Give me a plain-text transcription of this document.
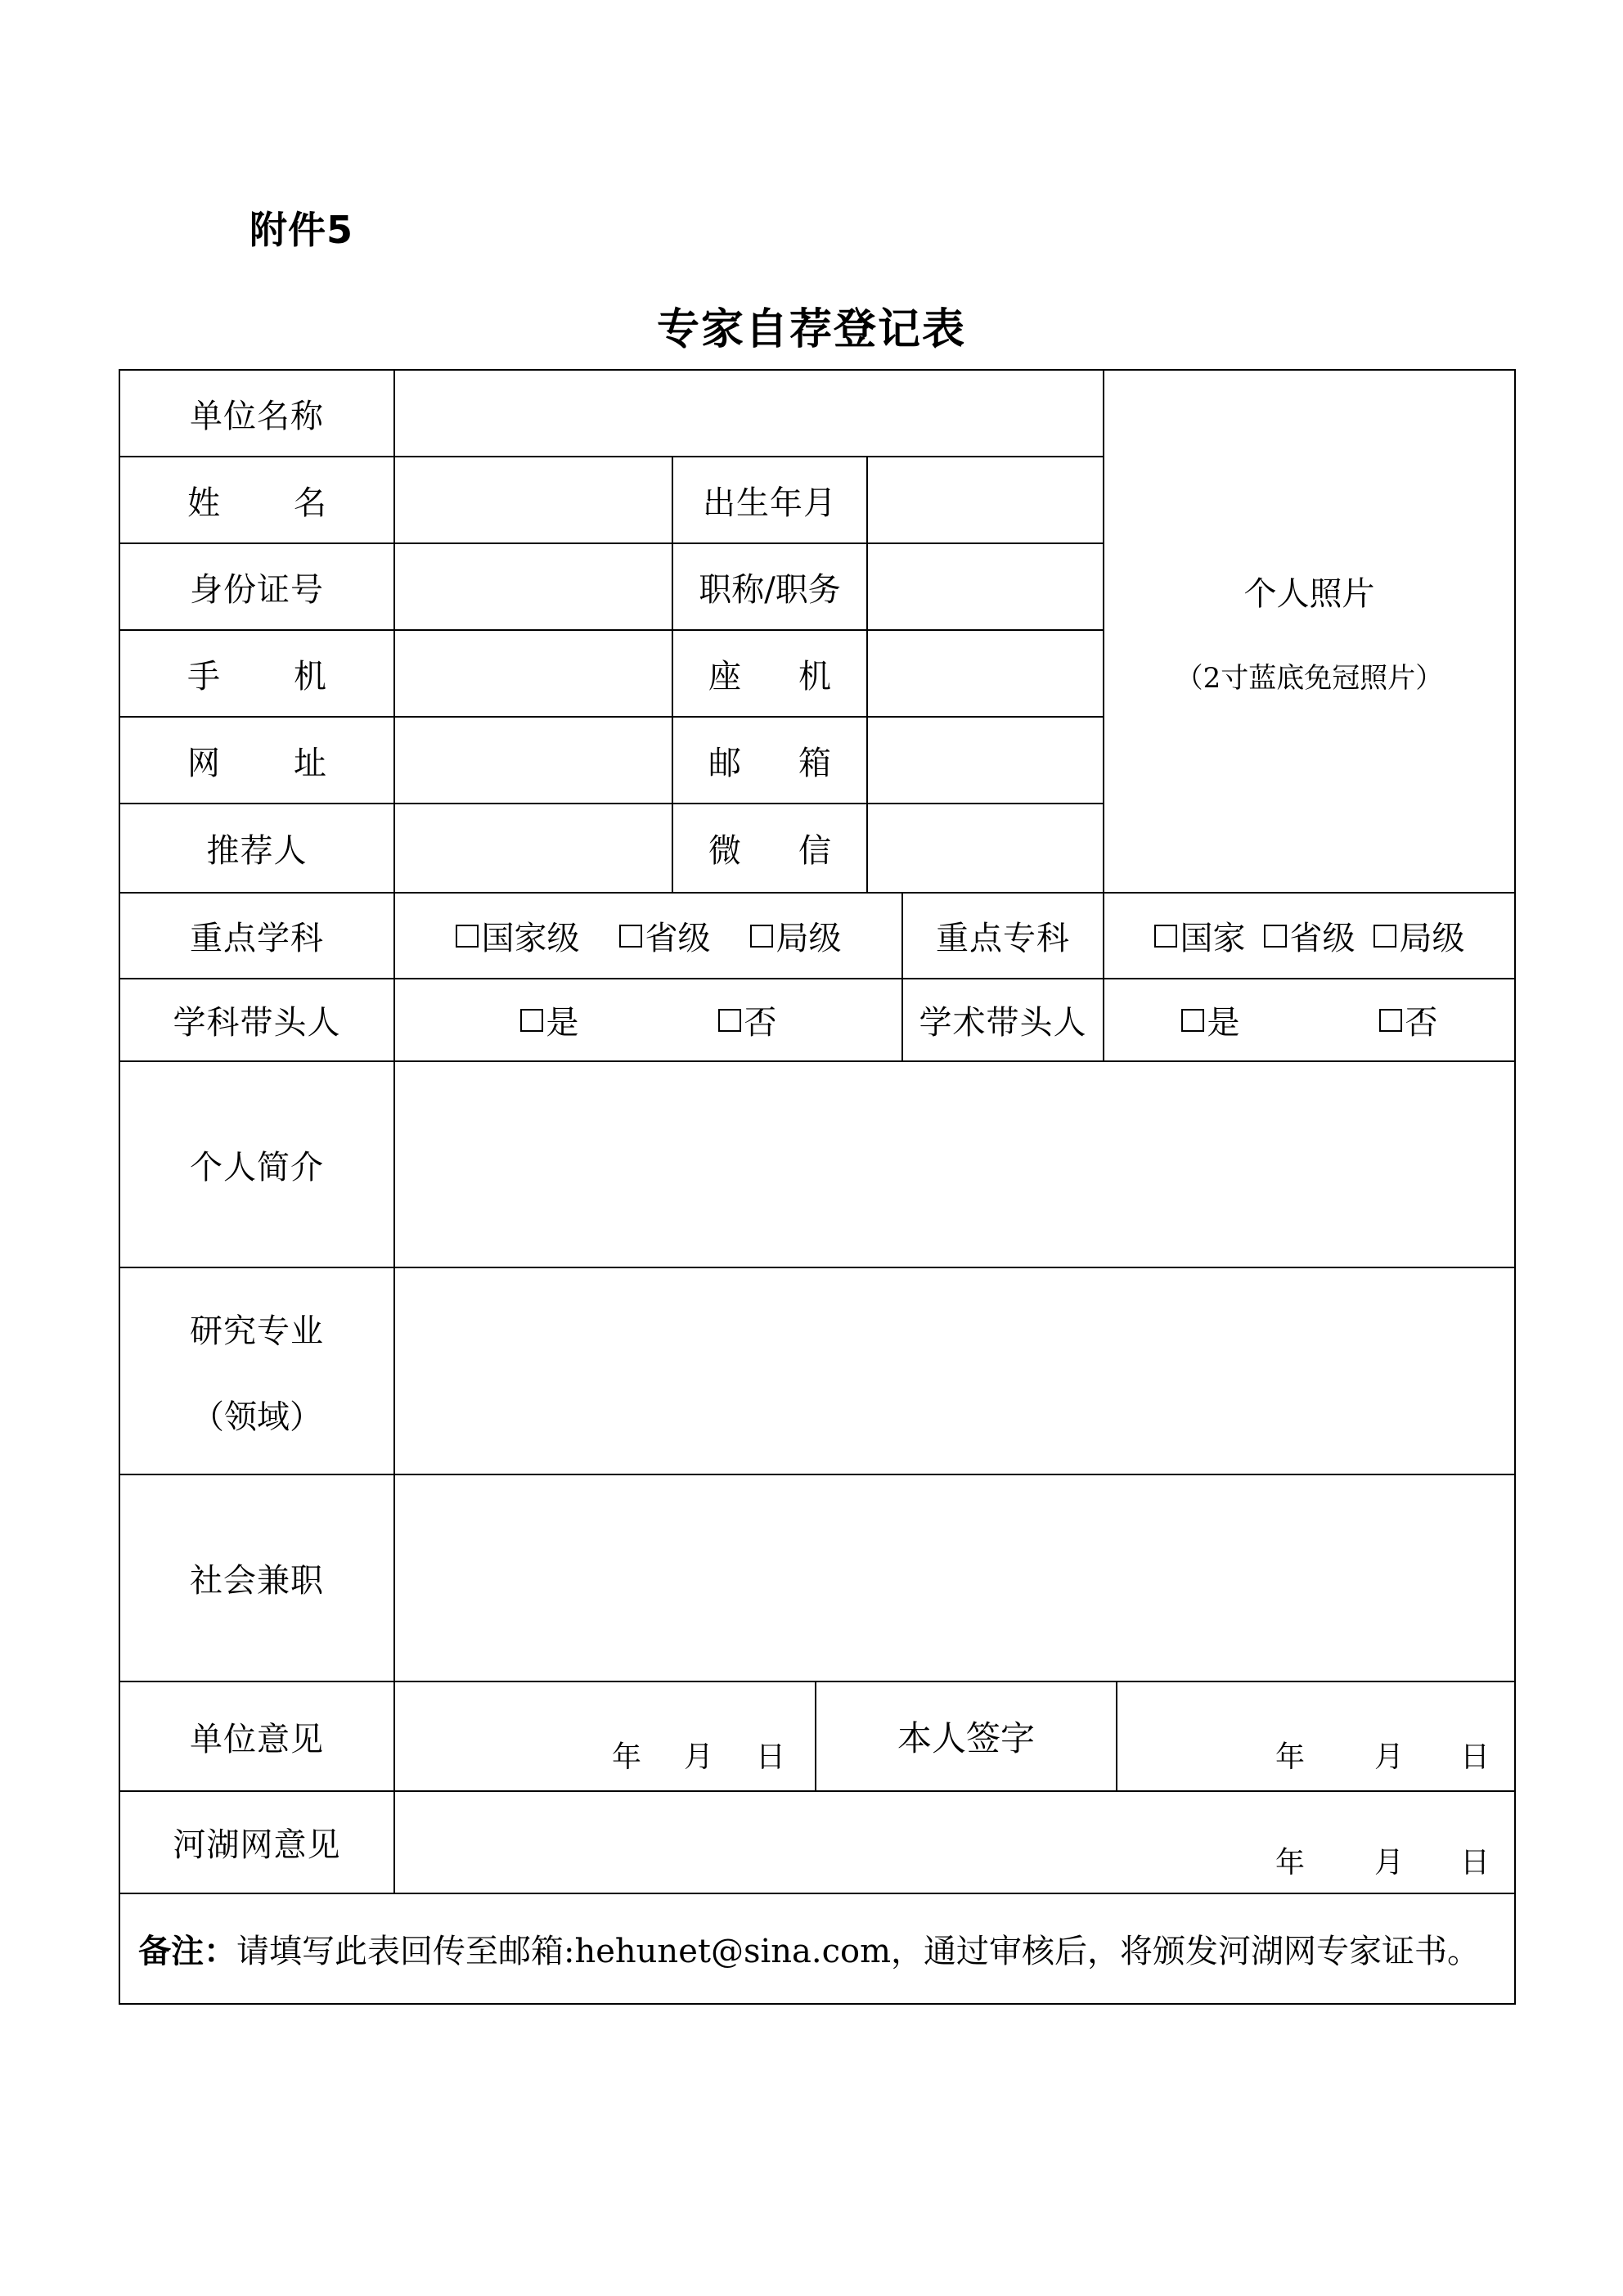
附件5
专家自荐登记表
单位名称
个人照片
（2寸蓝底免冠照片）
姓 名	出生年月
身份证号	职称/职务
手 机	座 机
网 址	邮 箱
推荐人	微 信
重点学科	国家级 省级 局级	重点专科	国家 省级 局级
学科带头人	是	否	学术带头人	是	否
个人简介
研究专业
（领域）
社会兼职
单位意见	年	月	日	本人签字	年	月	日
河湖网意见	年	月	日
备注： 请填写此表回传至邮箱:hehunet@sina.com，通过审核后，将颁发河湖网专家证书。
